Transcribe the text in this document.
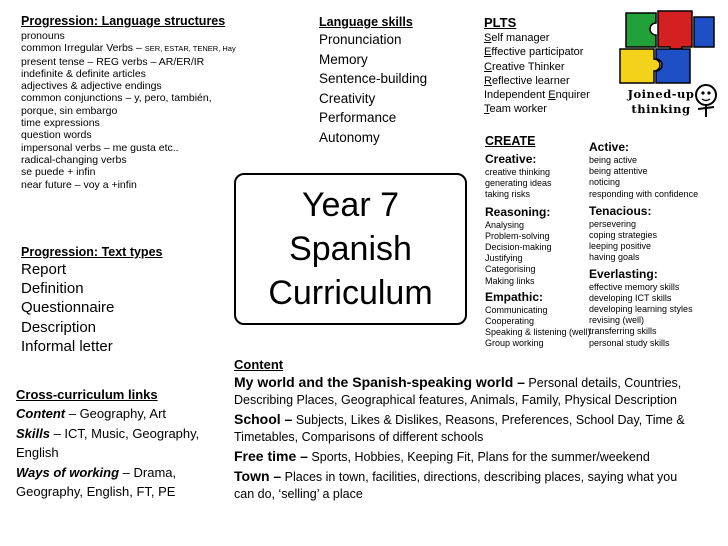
Progression: Language structures
pronouns
common Irregular Verbs – SER, ESTAR, TENER, Hay
present tense – REG verbs – AR/ER/IR
indefinite & definite articles
adjectives & adjective endings
common conjunctions – y, pero, también,
porque, sin embargo
time expressions
question words
impersonal verbs – me gusta etc..
radical-changing verbs
se puede + infin
near future – voy a +infin
Progression: Text types
Report
Definition
Questionnaire
Description
Informal letter
Cross-curriculum links
Content – Geography, Art
Skills – ICT, Music, Geography,
English
Ways of working – Drama,
Geography, English, FT, PE
Language skills
Pronunciation
Memory
Sentence-building
Creativity
Performance
Autonomy
PLTS
Self manager
Effective participator
Creative Thinker
Reflective learner
Independent Enquirer
Team worker
Joined-up
thinking
Year 7
Spanish
Curriculum
CREATE
Creative:
creative thinking
generating ideas
taking risks
Reasoning:
Analysing
Problem-solving
Decision-making
Justifying
Categorising
Making links
Empathic:
Communicating
Cooperating
Speaking & listening (well)
Group working
Active:
being active
being attentive
noticing
responding with confidence
Tenacious:
persevering
coping strategies
leeping positive
having goals
Everlasting:
effective memory skills
developing ICT skills
developing learning styles
revising (well)
transferring skills
personal study skills
Content
My world and the Spanish-speaking world – Personal details, Countries,
Describing Places, Geographical features, Animals, Family, Physical Description
School – Subjects, Likes & Dislikes, Reasons, Preferences, School Day, Time &
Timetables, Comparisons of different schools
Free time – Sports, Hobbies, Keeping Fit, Plans for the summer/weekend
Town – Places in town, facilities, directions, describing places, saying what you
can do, ‘selling’ a place
